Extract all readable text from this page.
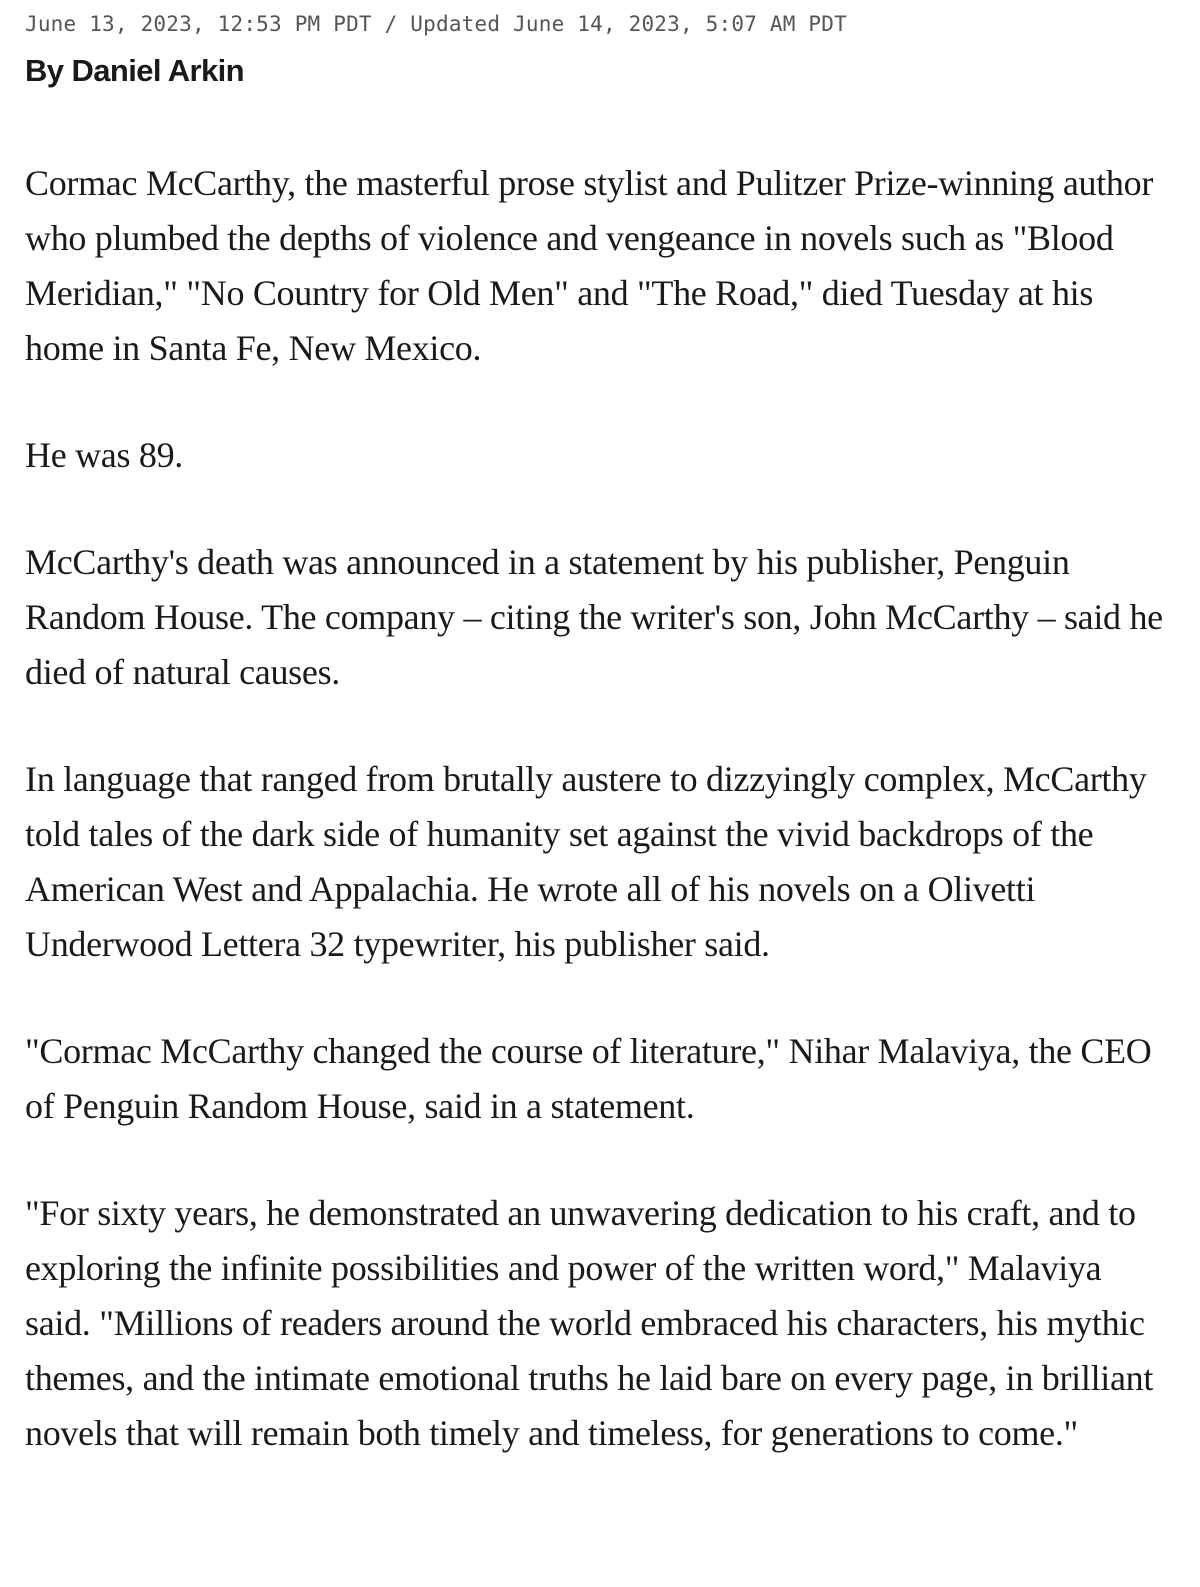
June 13, 2023, 12:53 PM PDT / Updated June 14, 2023, 5:07 AM PDT

By Daniel Arkin

Cormac McCarthy, the masterful prose stylist and Pulitzer Prize-winning author who plumbed the depths of violence and vengeance in novels such as "Blood Meridian," "No Country for Old Men" and "The Road," died Tuesday at his home in Santa Fe, New Mexico.

He was 89.

McCarthy's death was announced in a statement by his publisher, Penguin Random House. The company – citing the writer's son, John McCarthy – said he died of natural causes.

In language that ranged from brutally austere to dizzyingly complex, McCarthy told tales of the dark side of humanity set against the vivid backdrops of the American West and Appalachia. He wrote all of his novels on a Olivetti Underwood Lettera 32 typewriter, his publisher said.

"Cormac McCarthy changed the course of literature," Nihar Malaviya, the CEO of Penguin Random House, said in a statement.

"For sixty years, he demonstrated an unwavering dedication to his craft, and to exploring the infinite possibilities and power of the written word," Malaviya said. "Millions of readers around the world embraced his characters, his mythic themes, and the intimate emotional truths he laid bare on every page, in brilliant novels that will remain both timely and timeless, for generations to come."
